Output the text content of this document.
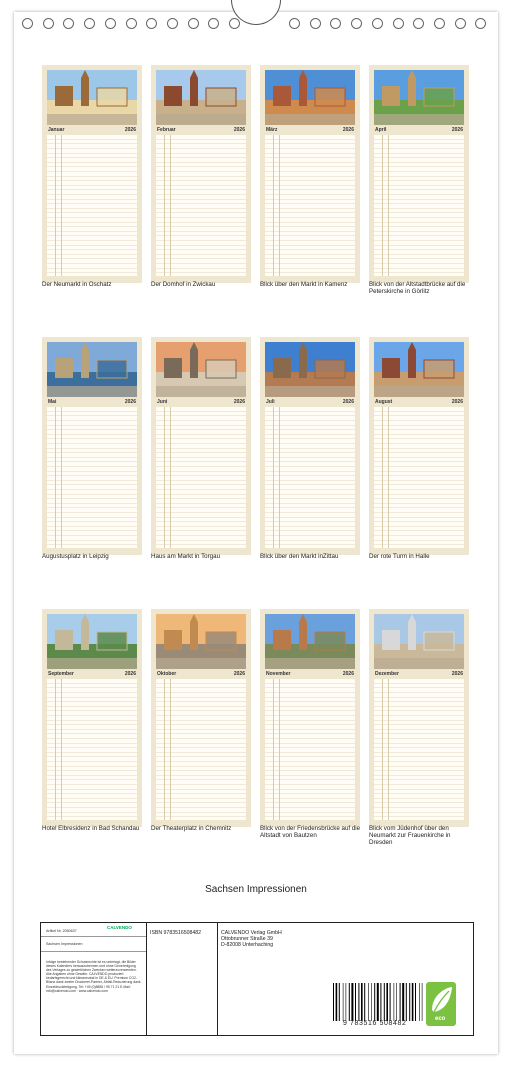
Januar	2026
Der Neumarkt in Oschatz
Februar	2026
Der Domhof in Zwickau
März	2026
Blick über den Markt in Kamenz
April	2026
Blick von der Altstadtbrücke auf die Peterskirche in Görlitz
Mai	2026
Augustusplatz in Leipzig
Juni	2026
Haus am Markt in Torgau
Juli	2026
Blick über den Markt inZittau
August	2026
Der rote Turm in Halle
September	2026
Hotel Elbresidenz in Bad Schandau
Oktober	2026
Der Theaterplatz in Chemnitz
November	2026
Blick von der Friedensbrücke auf die Altstadt von Bautzen
Dezember	2026
Blick vom Jüdenhof über den Neumarkt zur Frauenkirche in Dresden
Sachsen Impressionen
Artikel Nr. 2060637
CALVENDO
Sachsen Impressionen
Infolge bestehender Schutzrechte ist es unterlagt, die Bilder dieses Kalenders herauszutrennen und ohne Genehmigung des Verlages zu gewerblichen Zwecken weiterzuverwenden. Alle Angaben ohne Gewähr. CALVENDO produziert bedarfsgerecht und klimaneutral in DE & EU. Premium CO2-Bilanz dank zweier Druckerei-Partner, Abfall-Reduzierung dank Einzeldruckfertigung. Tel: +49 (0)8856 / 95 71 21 E-Mail: info@calvendo.com · www.calvendo.com
ISBN 9783516508482	CALVENDO Verlag GmbH
Ottobrunner Straße 39
D-82008 Unterhaching
9 783516 508482
eco
